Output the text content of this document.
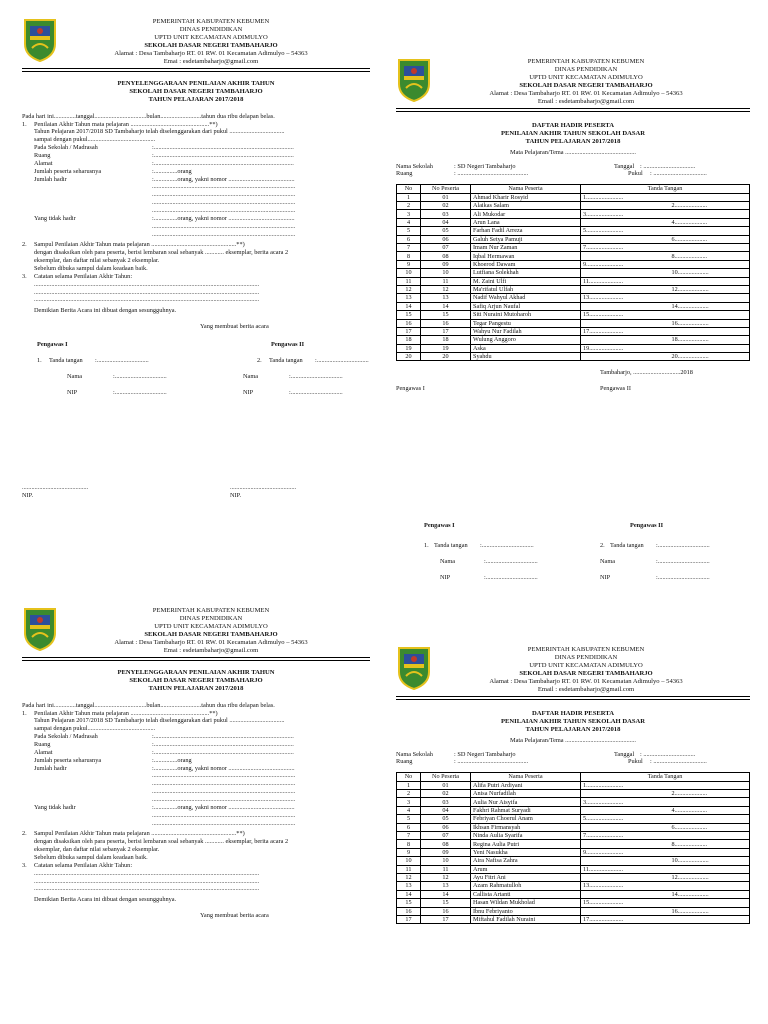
PEMERINTAH KABUPATEN KEBUMEN
DINAS PENDIDIKAN
UPTD UNIT KECAMATAN ADIMULYO
SEKOLAH DASAR NEGERI TAMBAHARJO
Alamat : Desa Tambaharjo RT. 01 RW. 01 Kecamatan Adimulyo – 54363
Emai : esdetambaharjo@gmail.com
PENYELENGGARAAN PENILAIAN AKHIR TAHUN
SEKOLAH DASAR NEGERI TAMBAHARJO
TAHUN PELAJARAN 2017/2018
Pada hari ini..............tanggal.................................bulan..........................tahun dua ribu delapan belas.
1.	Penilaian Akhir Tahun mata pelajaran ..................................................**)
Tahun Pelajaran 2017/2018 SD Tambaharjo telah diselenggarakan dari pukul ...................................
sampai dengan pukul...........................................
Pada Sekolah / Madrasah	:.........................................................................................
Ruang	:.........................................................................................
Alamat	:.........................................................................................
Jumlah peserta seharusnya	:...............orang
Jumlah hadir	:...............orang, yakni nomor ..........................................
...........................................................................................
...........................................................................................
...........................................................................................
...........................................................................................
Yang tidak hadir	:...............orang, yakni nomor ..........................................
...........................................................................................
...........................................................................................
2.	Sampul Penilaian Akhir Tahun mata pelajaran ......................................................**)
dengan disaksikan oleh para peserta, berisi lembaran soal sebanyak ............ eksemplar, berita acara 2
eksemplar, dan daftar nilai sebanyak 2 eksemplar.
Sebelum dibuka sampul dalam keadaan baik.
3.	Catatan selama Penilaian Akhir Tahun:
...............................................................................................................................................
...............................................................................................................................................
...............................................................................................................................................
Demikian Berita Acara ini dibuat dengan sesungguhnya.
Yang membuat berita acara
Pengawas I	Pengawas II
1.	Tanda tangan	:.................................	2.	Tanda tangan	:.................................
Nama	:.................................	Nama	:.................................
NIP	:.................................	NIP	:.................................
..........................................	..........................................
NIP.	NIP.
PEMERINTAH KABUPATEN KEBUMEN
DINAS PENDIDIKAN
UPTD UNIT KECAMATAN ADIMULYO
SEKOLAH DASAR NEGERI TAMBAHARJO
Alamat : Desa Tambaharjo RT. 01 RW. 01 Kecamatan Adimulyo – 54363
Email : esdetambaharjo@gmail.com
DAFTAR HADIR PESERTA
PENILAIAN AKHIR TAHUN SEKOLAH DASAR
TAHUN PELAJARAN 2017/2018
Mata Pelajaran/Tema .............................................
Nama Sekolah	: SD Negeri Tambaharjo	Tanggal : .................................
Ruang	: .............................................	Pukul	: ..................................
No	No Peserta	Nama Peserta	Tanda Tangan	
1	01	Ahmad Kharir Rosyid	1........................	
2	02	Alaikas Salam		2.....................
3	03	Ali Mukodar	3........................	
4	04	Arun Lana		4.....................
5	05	Farhan Fadil Arreza	5........................	
6	06	Galuh Setya Pamuji		6.....................
7	07	Imam Nur Zaman	7........................	
8	08	Iqbal Hermawan		8.....................
9	09	Khoerod Dawam	9........................	
10	10	Lutfiana Solekhah		10....................
11	11	M. Zaini Ulfi	11......................	
12	12	Ma'rifatul Ulfah		12....................
13	13	Nadif Wahyul Akhad	13......................	
14	14	Safiq Arjun Naufal		14....................
15	15	Siti Nuraini Mutoharoh	15......................	
16	16	Tegar Pangestu		16....................
17	17	Wahyu Nur Fadilah	17......................	
18	18	Wulung Anggoro		18....................
19	19	Aska	19......................	
20	20	Syahdu		20....................
Tambaharjo, ..............................2018
Pengawas I	Pengawas II
Pengawas I	Pengawas II
1. Tanda tangan	:.................................	2. Tanda tangan	:.................................
Nama	:.................................	Nama	:.................................
NIP	:.................................	NIP	:.................................
PEMERINTAH KABUPATEN KEBUMEN
DINAS PENDIDIKAN
UPTD UNIT KECAMATAN ADIMULYO
SEKOLAH DASAR NEGERI TAMBAHARJO
Alamat : Desa Tambaharjo RT. 01 RW. 01 Kecamatan Adimulyo – 54363
Emai : esdetambaharjo@gmail.com
PENYELENGGARAAN PENILAIAN AKHIR TAHUN
SEKOLAH DASAR NEGERI TAMBAHARJO
TAHUN PELAJARAN 2017/2018
Pada hari ini..............tanggal.................................bulan..........................tahun dua ribu delapan belas.
1.	Penilaian Akhir Tahun mata pelajaran ..................................................**)
Tahun Pelajaran 2017/2018 SD Tambaharjo telah diselenggarakan dari pukul ...................................
sampai dengan pukul...........................................
Pada Sekolah / Madrasah	:.........................................................................................
Ruang	:.........................................................................................
Alamat	:.........................................................................................
Jumlah peserta seharusnya	:...............orang
Jumlah hadir	:...............orang, yakni nomor ..........................................
...........................................................................................
...........................................................................................
...........................................................................................
...........................................................................................
Yang tidak hadir	:...............orang, yakni nomor ..........................................
...........................................................................................
...........................................................................................
2.	Sampul Penilaian Akhir Tahun mata pelajaran ......................................................**)
dengan disaksikan oleh para peserta, berisi lembaran soal sebanyak ............ eksemplar, berita acara 2
eksemplar, dan daftar nilai sebanyak 2 eksemplar.
Sebelum dibuka sampul dalam keadaan baik.
3.	Catatan selama Penilaian Akhir Tahun:
...............................................................................................................................................
...............................................................................................................................................
...............................................................................................................................................
Demikian Berita Acara ini dibuat dengan sesungguhnya.
Yang membuat berita acara
PEMERINTAH KABUPATEN KEBUMEN
DINAS PENDIDIKAN
UPTD UNIT KECAMATAN ADIMULYO
SEKOLAH DASAR NEGERI TAMBAHARJO
Alamat : Desa Tambaharjo RT. 01 RW. 01 Kecamatan Adimulyo – 54363
Email : esdetambaharjo@gmail.com
DAFTAR HADIR PESERTA
PENILAIAN AKHIR TAHUN SEKOLAH DASAR
TAHUN PELAJARAN 2017/2018
Mata Pelajaran/Tema .............................................
Nama Sekolah	: SD Negeri Tambaharjo	Tanggal : .................................
Ruang	: .............................................	Pukul	: ..................................
No	No Peserta	Nama Peserta	Tanda Tangan	
1	01	Alifa Putri Ardiyani	1........................	
2	02	Anisa Nurfadilah		2.....................
3	03	Aulia Nur Aisyifa	3........................	
4	04	Fakhri Rahmat Suryadi		4.....................
5	05	Febriyan Choerul Anam	5........................	
6	06	Ikhsan Firmansyah		6.....................
7	07	Ninda Aulia Syarifa	7........................	
8	08	Regina Aulia Putri		8.....................
9	09	Yeni Nasukha	9........................	
10	10	Aira Nafisa Zahra		10....................
11	11	Arum	11......................	
12	12	Ayu Fitri Ani		12....................
13	13	Azam Rahmatulloh	13......................	
14	14	Callista Artanti		14....................
15	15	Hasan Wildan Mukholad	15......................	
16	16	Ibnu Febriyanto		16....................
17	17	Miftahul Fadilah Nuraini	17......................	
